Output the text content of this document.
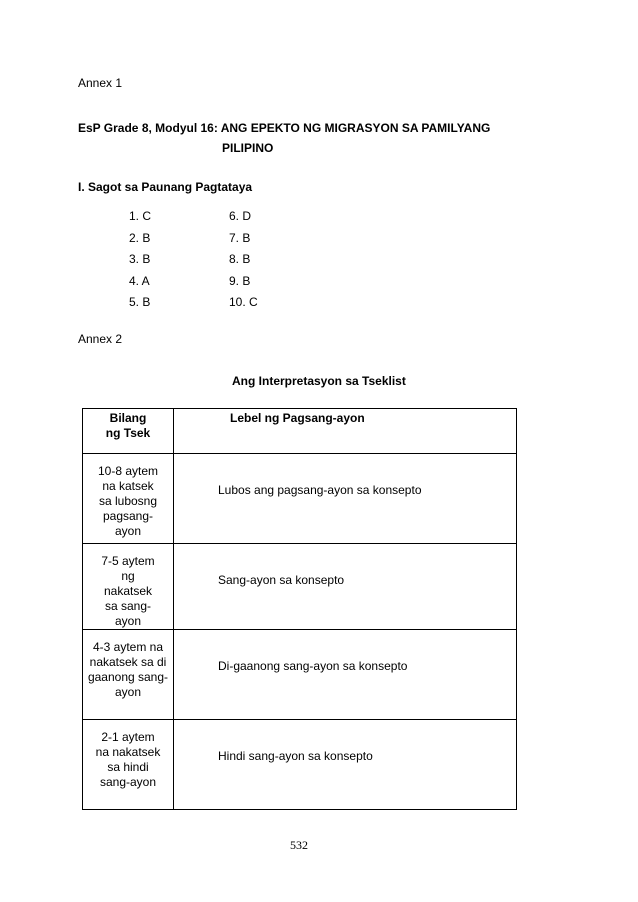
Annex 1
EsP Grade 8, Modyul 16: ANG EPEKTO NG MIGRASYON SA PAMILYANG
PILIPINO
I. Sagot sa Paunang Pagtataya
1. C	6. D
2. B	7. B
3. B	8. B
4. A	9. B
5. B	10. C
Annex 2
Ang Interpretasyon sa Tseklist
Bilang ng Tsek	Lebel ng Pagsang-ayon

10-8 aytem na katsek sa lubosng pagsang-ayon	Lubos ang pagsang-ayon sa konsepto

7-5 aytem ng nakatsek sa sang-ayon	Sang-ayon sa konsepto

4-3 aytem na nakatsek sa di gaanong sang-ayon	Di-gaanong sang-ayon sa konsepto

2-1 aytem na nakatsek sa hindi sang-ayon	Hindi sang-ayon sa konsepto
532
